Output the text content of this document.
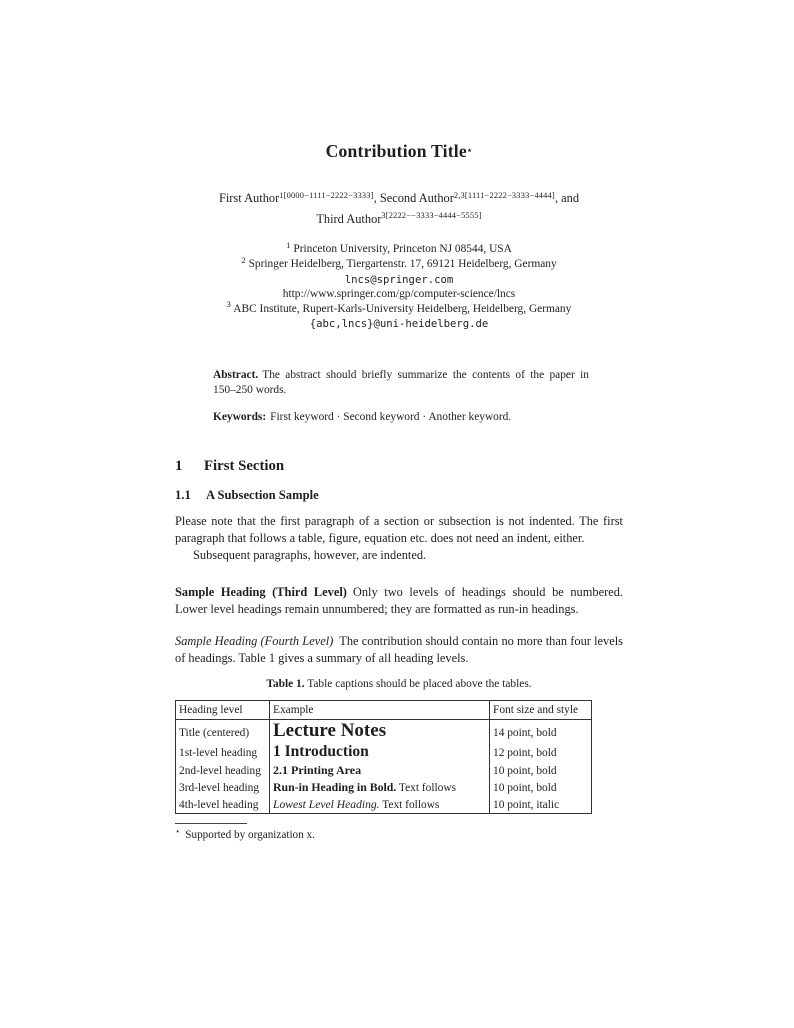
Contribution Title⋆
First Author$^{1[0000-1111-2222-3333]}$, Second Author$^{2,3[1111-2222-3333-4444]}$, and
Third Author$^{3[2222--3333-4444-5555]}$
$^1$ Princeton University, Princeton NJ 08544, USA
$^2$ Springer Heidelberg, Tiergartenstr. 17, 69121 Heidelberg, Germany
lncs@springer.com
http://www.springer.com/gp/computer-science/lncs
$^3$ ABC Institute, Rupert-Karls-University Heidelberg, Heidelberg, Germany
{abc,lncs}@uni-heidelberg.de
Abstract. The abstract should briefly summarize the contents of the paper in 150–250 words.
Keywords: First keyword · Second keyword · Another keyword.
1 First Section
1.1 A Subsection Sample

Please note that the first paragraph of a section or subsection is not indented. The first paragraph that follows a table, figure, equation etc. does not need an indent, either.

Subsequent paragraphs, however, are indented.

Sample Heading (Third Level) Only two levels of headings should be numbered. Lower level headings remain unnumbered; they are formatted as run-in headings.

Sample Heading (Fourth Level) The contribution should contain no more than four levels of headings. Table 1 gives a summary of all heading levels.

Table 1. Table captions should be placed above the tables.
Heading level	Example	Font size and style
Title (centered)	Lecture Notes	14 point, bold
1st-level heading	1 Introduction	12 point, bold
2nd-level heading	2.1 Printing Area	10 point, bold
3rd-level heading	Run-in Heading in Bold. Text follows	10 point, bold
4th-level heading	Lowest Level Heading. Text follows	10 point, italic
⋆ Supported by organization x.
